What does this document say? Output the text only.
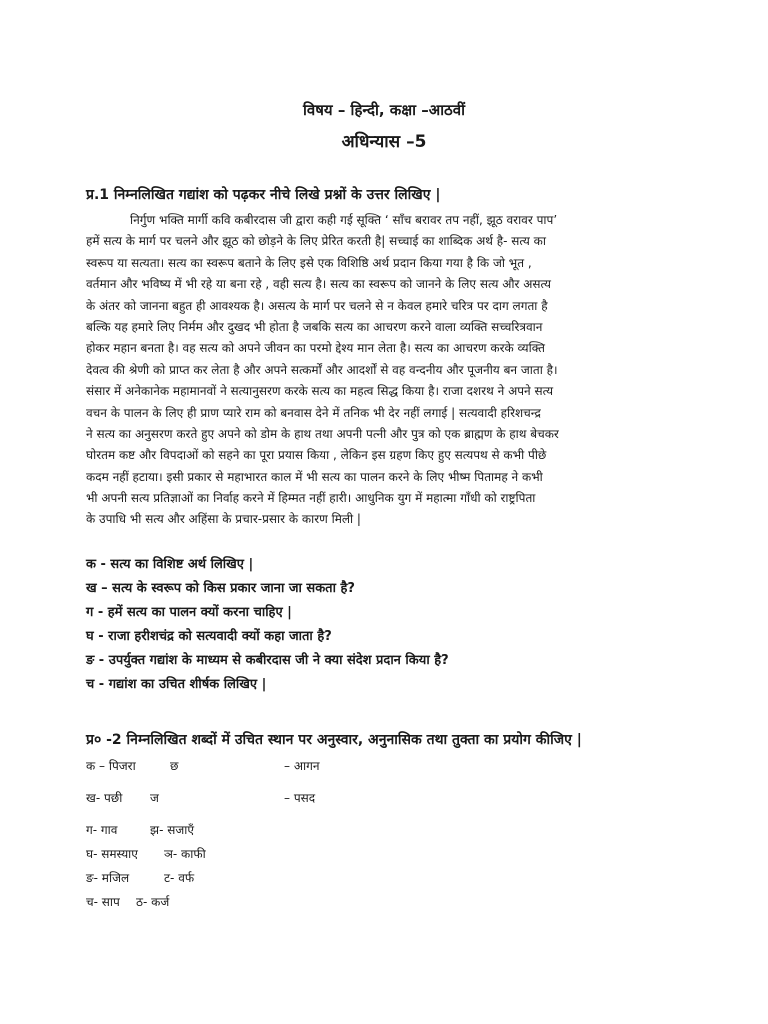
विषय – हिन्दी, कक्षा –आठवीं
अधिन्यास –5
प्र.1 निम्नलिखित गद्यांश को पढ़कर नीचे लिखे प्रश्नों के उत्तर लिखिए |
निर्गुण भक्ति मार्गी कवि कबीरदास जी द्वारा कही गई सूक्ति ‘ साँच बरावर तप नहीं, झूठ वरावर पाप’
हमें सत्य के मार्ग पर चलने और झूठ को छोड़ने के लिए प्रेरित करती है| सच्चाई का शाब्दिक अर्थ है- सत्य का
स्वरूप या सत्यता। सत्य का स्वरूप बताने के लिए इसे एक विशिष्ठि अर्थ प्रदान किया गया है कि जो भूत ,
वर्तमान और भविष्य में भी रहे या बना रहे , वही सत्य है। सत्य का स्वरूप को जानने के लिए सत्य और असत्य
के अंतर को जानना बहुत ही आवश्यक है। असत्य के मार्ग पर चलने से न केवल हमारे चरित्र पर दाग लगता है
बल्कि यह हमारे लिए निर्मम और दुखद भी होता है जबकि सत्य का आचरण करने वाला व्यक्ति सच्चरित्रवान
होकर महान बनता है। वह सत्य को अपने जीवन का परमो द्देश्य मान लेता है। सत्य का आचरण करके व्यक्ति
देवत्व की श्रेणी को प्राप्त कर लेता है और अपने सत्कर्मों और आदर्शों से वह वन्दनीय और पूजनीय बन जाता है।
संसार में अनेकानेक महामानवों ने सत्यानुसरण करके सत्य का महत्व सिद्ध किया है। राजा दशरथ ने अपने सत्य
वचन के पालन के लिए ही प्राण प्यारे राम को बनवास देने में तनिक भी देर नहीं लगाई | सत्यवादी हरिशचन्द्र
ने सत्य का अनुसरण करते हुए अपने को डोम के हाथ तथा अपनी पत्नी और पुत्र को एक ब्राह्मण के हाथ बेचकर
घोरतम कष्ट और विपदाओं को सहने का पूरा प्रयास किया , लेकिन इस ग्रहण किए हुए सत्यपथ से कभी पीछे
कदम नहीं हटाया। इसी प्रकार से महाभारत काल में भी सत्य का पालन करने के लिए भीष्म पितामह ने कभी
भी अपनी सत्य प्रतिज्ञाओं का निर्वाह करने में हिम्मत नहीं हारी। आधुनिक युग में महात्मा गाँधी को राष्ट्रपिता
के उपाधि भी सत्य और अहिंसा के प्रचार-प्रसार के कारण मिली |
क - सत्य का विशिष्ट अर्थ लिखिए |
ख – सत्य के स्वरूप को किस प्रकार जाना जा सकता है?
ग - हमें सत्य का पालन क्यों करना चाहिए |
घ - राजा हरीशचंद्र को सत्यवादी क्यों कहा जाता है?
ङ - उपर्युक्त गद्यांश के माध्यम से कबीरदास जी ने क्या संदेश प्रदान किया है?
च - गद्यांश का उचित शीर्षक लिखिए |
प्र० -2 निम्नलिखित शब्दों में उचित स्थान पर अनुस्वार, अनुनासिक तथा तुक्ता का प्रयोग कीजिए |
क – पिजरा	छ	– आगन
ख- पछी ज	– पसद
ग- गाव	झ- सजाएँ
घ- समस्याए ञ- काफी
ङ- मजिल	ट- वर्फ
च- साप ठ- कर्ज
